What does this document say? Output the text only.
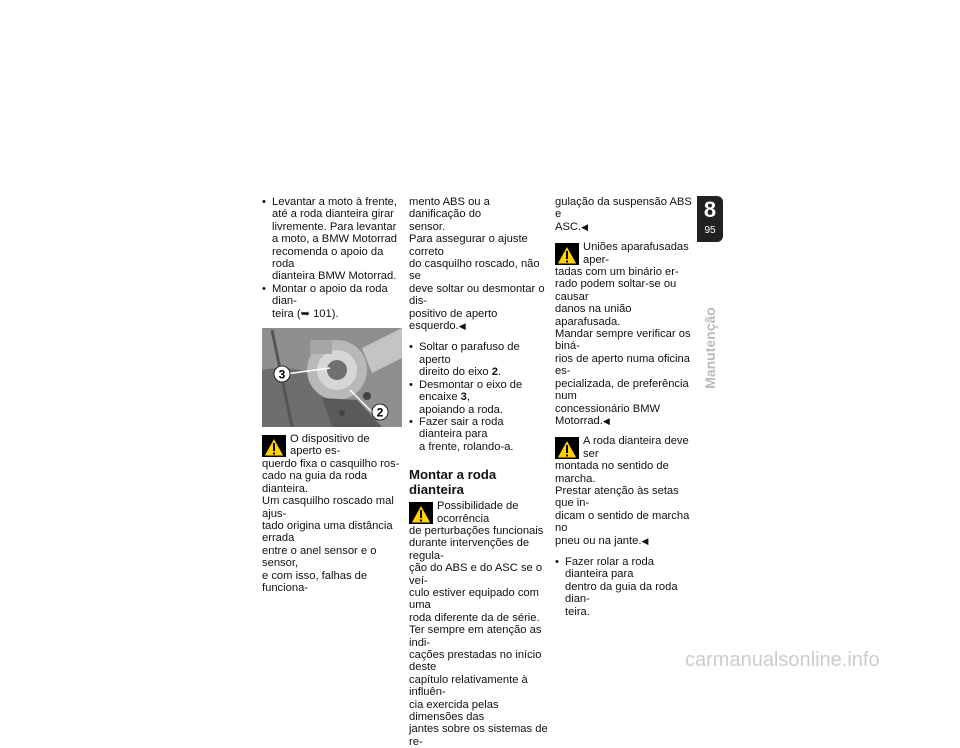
• Levantar a moto à frente,
até a roda dianteira girar
livremente. Para levantar
a moto, a BMW Motorrad
recomenda o apoio da roda
dianteira BMW Motorrad.
• Montar o apoio da roda dian-
teira (➥ 101).
3
2
O dispositivo de aperto es-
querdo fixa o casquilho ros-
cado na guia da roda dianteira.
Um casquilho roscado mal ajus-
tado origina uma distância errada
entre o anel sensor e o sensor,
e com isso, falhas de funciona-

mento ABS ou a danificação do
sensor.

Para assegurar o ajuste correto
do casquilho roscado, não se
deve soltar ou desmontar o dis-
positivo de aperto esquerdo.◀

• Soltar o parafuso de aperto
direito do eixo 2.
• Desmontar o eixo de encaixe 3,
apoiando a roda.
• Fazer sair a roda dianteira para
a frente, rolando-a.
Montar a roda dianteira
Possibilidade de ocorrência
de perturbações funcionais
durante intervenções de regula-
ção do ABS e do ASC se o veí-
culo estiver equipado com uma
roda diferente da de série.

Ter sempre em atenção as indi-
cações prestadas no início deste
capítulo relativamente à influên-
cia exercida pelas dimensões das
jantes sobre os sistemas de re-

gulação da suspensão ABS e
ASC.◀

Uniões aparafusadas aper-
tadas com um binário er-
rado podem soltar-se ou causar
danos na união aparafusada.

Mandar sempre verificar os biná-
rios de aperto numa oficina es-
pecializada, de preferência num
concessionário BMW Motorrad.◀

A roda dianteira deve ser
montada no sentido de
marcha.

Prestar atenção às setas que in-
dicam o sentido de marcha no
pneu ou na jante.◀

• Fazer rolar a roda dianteira para
dentro da guia da roda dian-
teira.
8
95
Manutenção
carmanualsonline.info
